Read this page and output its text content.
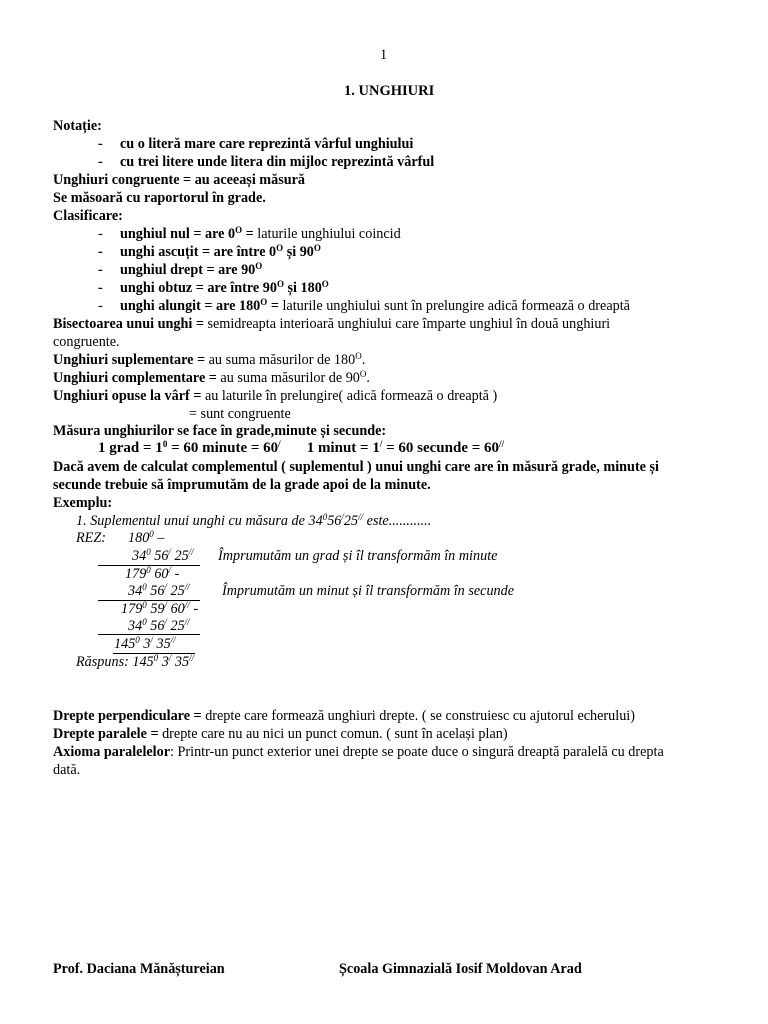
1
1. UNGHIURI
Notație:
- cu o literă mare care reprezintă vârful unghiului
- cu trei litere unde litera din mijloc reprezintă vârful
Unghiuri congruente = au aceeași măsură
Se măsoară cu raportorul în grade.
Clasificare:
- unghiul nul = are $0^O$ = laturile unghiului coincid
- unghi ascuțit = are între $0^O$ și $90^O$
- unghiul drept = are $90^O$
- unghi obtuz = are între $90^O$ și $180^O$
- unghi alungit = are $180^O$ = laturile unghiului sunt în prelungire adică formează o dreaptă
Bisectoarea unui unghi = semidreapta interioară unghiului care împarte unghiul în două unghiuri
congruente.
Unghiuri suplementare = au suma măsurilor de $180^O$.
Unghiuri complementare = au suma măsurilor de $90^O$.
Unghiuri opuse la vârf = au laturile în prelungire( adică formează o dreaptă )
= sunt congruente
Măsura unghiurilor se face în grade,minute și secunde:
1 grad = $1^0 = 60$ minute = 60/ 1 minut = 1/ = 60 secunde = 60//
Dacă avem de calculat complementul ( suplementul ) unui unghi care are în măsură grade, minute și
secunde trebuie să împrumutăm de la grade apoi de la minute.
Exemplu:
1. Suplementul unui unghi cu măsura de $34^056^/25^{//}$ este............
REZ: $180^0$ –
$34^0$ 56/ 25// Împrumutăm un grad și îl transformăm în minute
$179^0$ 60/ -
$34^0$ 56/ 25// Împrumutăm un minut și îl transformăm în secunde
$179^0$ 59/ 60// -
$34^0$ 56/ 25//
$145^0$ 3/ 35//
Răspuns: $145^0$ 3/ 35//
Drepte perpendiculare = drepte care formează unghiuri drepte. ( se construiesc cu ajutorul echerului)
Drepte paralele = drepte care nu au nici un punct comun. ( sunt în același plan)
Axioma paralelelor: Printr-un punct exterior unei drepte se poate duce o singură dreaptă paralelă cu drepta
dată.
Prof. Daciana Mănăștureian	Școala Gimnazială Iosif Moldovan Arad
